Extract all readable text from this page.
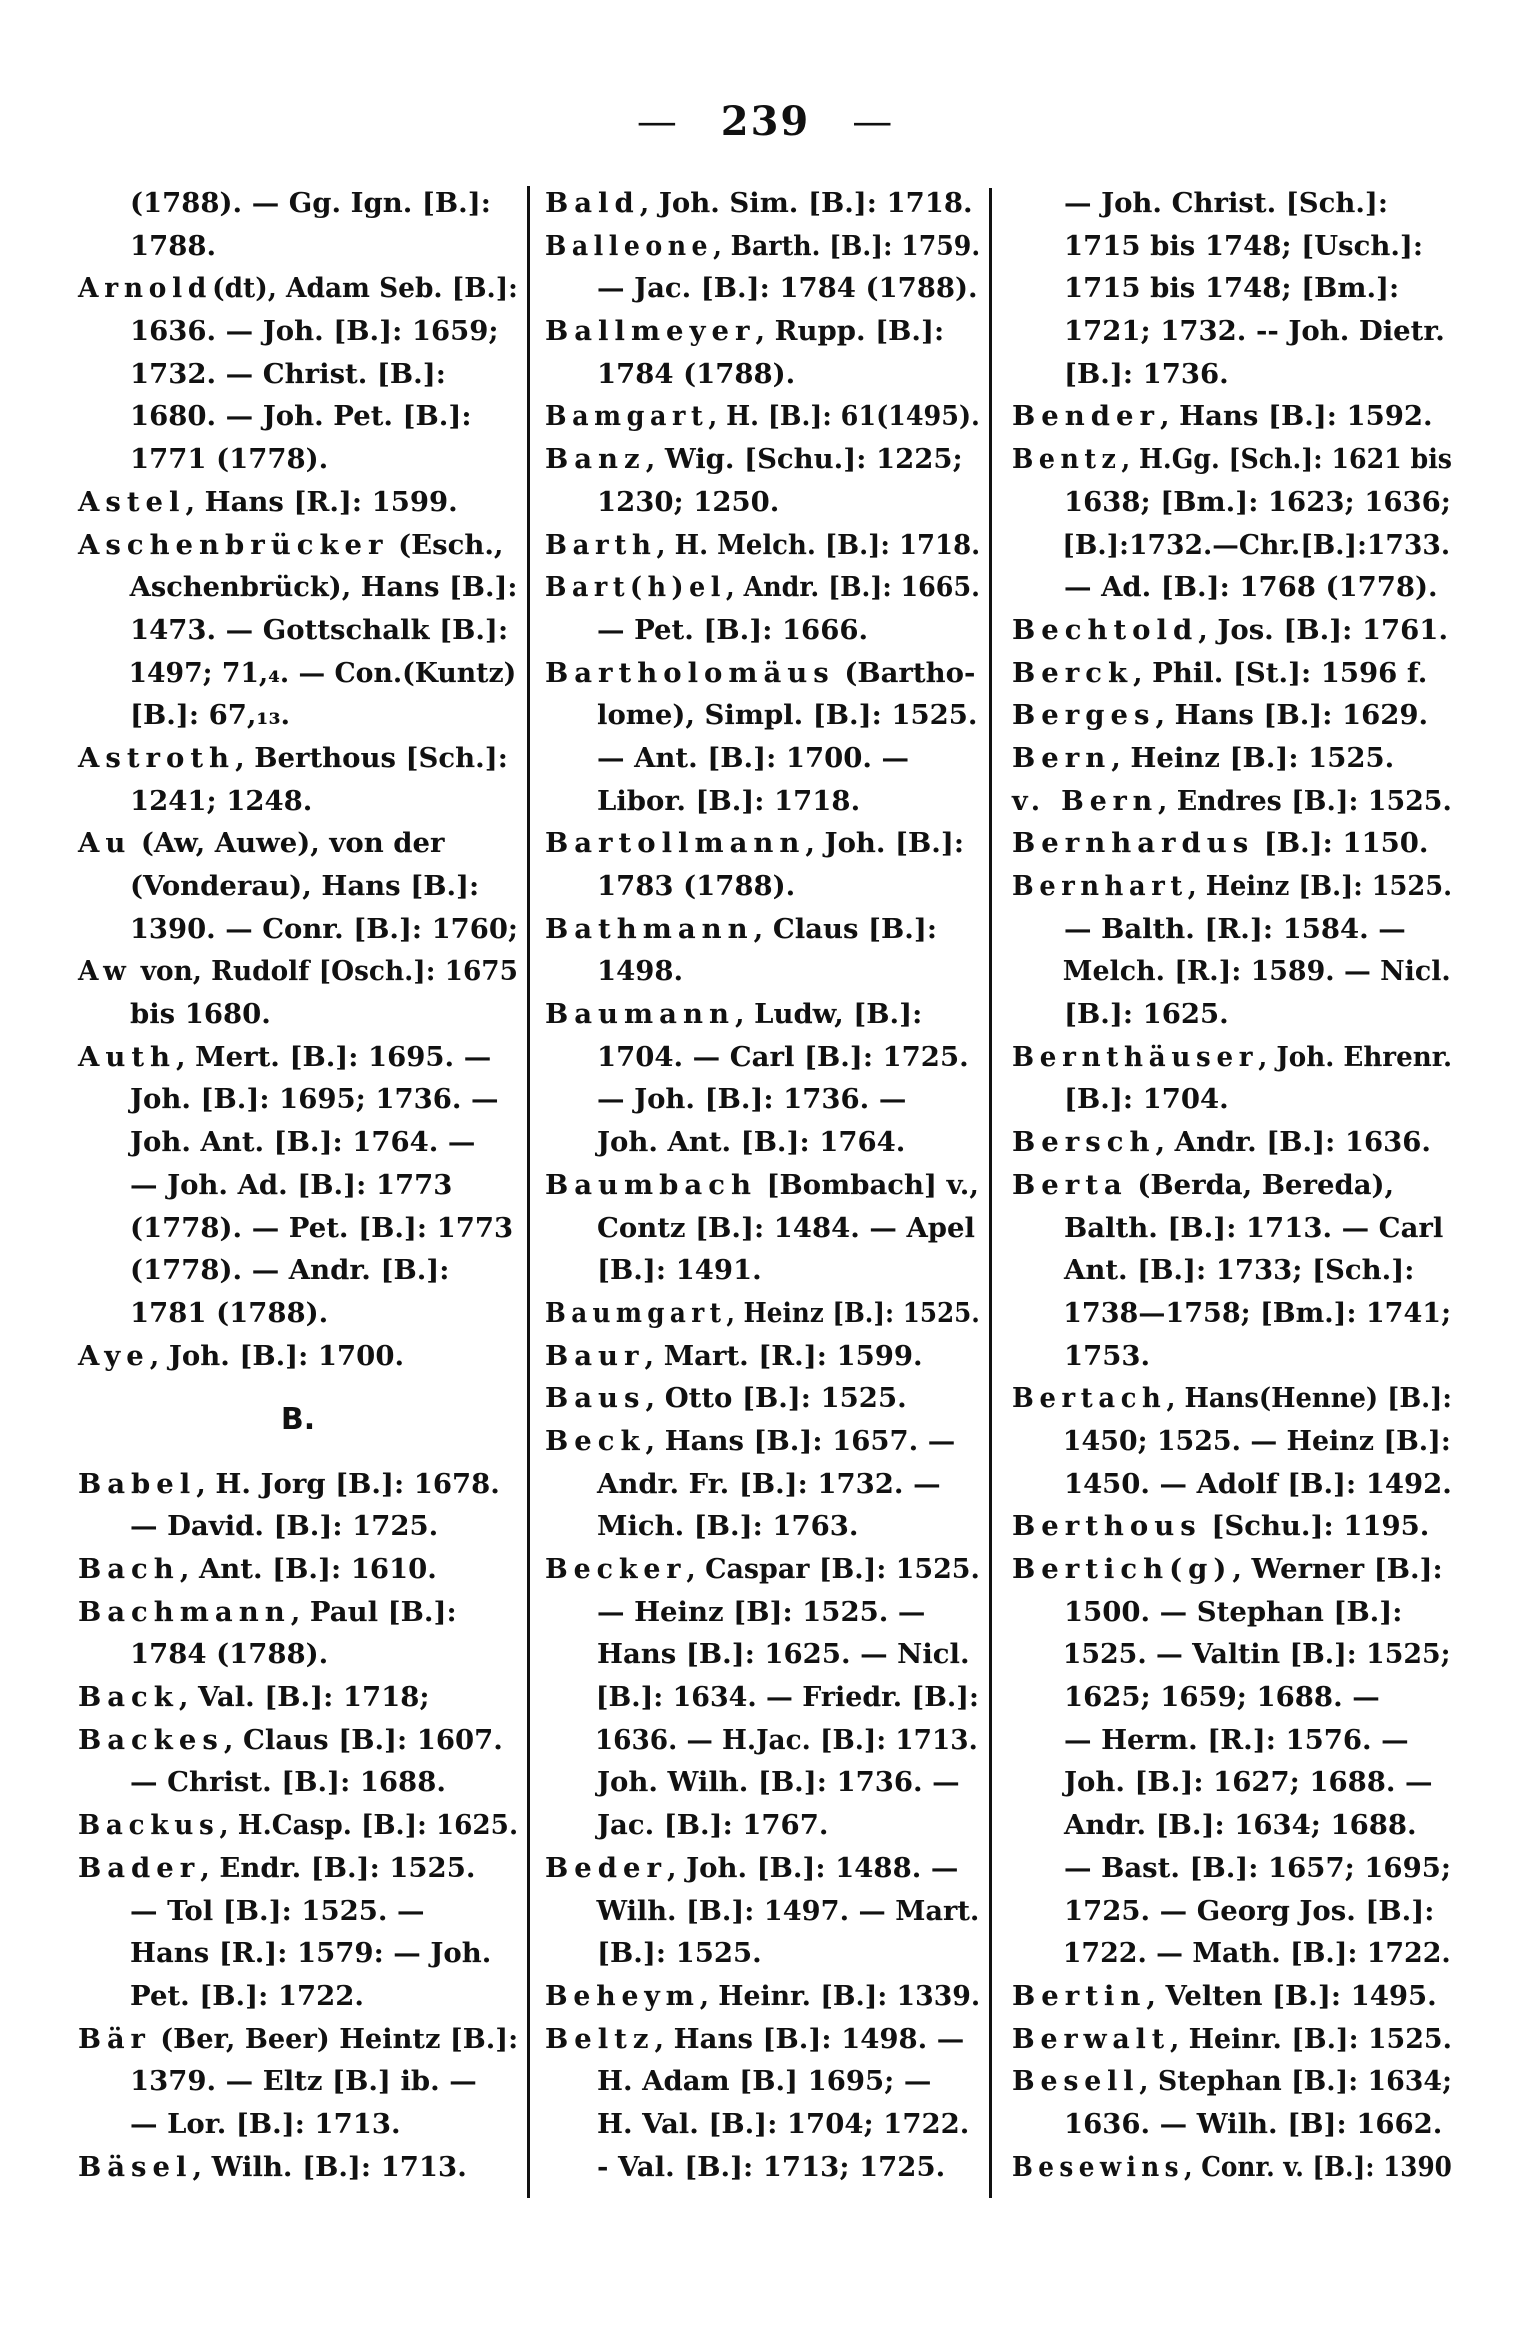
— 239 —
(1788). — Gg. Ign. [B.]:
1788.
Arnold(dt), Adam Seb. [B.]:
1636. — Joh. [B.]: 1659;
1732. — Christ. [B.]:
1680. — Joh. Pet. [B.]:
1771 (1778).
Astel, Hans [R.]: 1599.
Aschenbrücker (Esch.,
Aschenbrück), Hans [B.]:
1473. — Gottschalk [B.]:
1497; 71,₄. — Con.(Kuntz)
[B.]: 67,₁₃.
Astroth, Berthous [Sch.]:
1241; 1248.
Au (Aw, Auwe), von der
(Vonderau), Hans [B.]:
1390. — Conr. [B.]: 1760;
Aw von, Rudolf [Osch.]: 1675
bis 1680.
Auth, Mert. [B.]: 1695. —
Joh. [B.]: 1695; 1736. —
Joh. Ant. [B.]: 1764. —
— Joh. Ad. [B.]: 1773
(1778). — Pet. [B.]: 1773
(1778). — Andr. [B.]:
1781 (1788).
Aye, Joh. [B.]: 1700.
B.
Babel, H. Jorg [B.]: 1678.
— David. [B.]: 1725.
Bach, Ant. [B.]: 1610.
Bachmann, Paul [B.]:
1784 (1788).
Back, Val. [B.]: 1718;
Backes, Claus [B.]: 1607.
— Christ. [B.]: 1688.
Backus, H.Casp. [B.]: 1625.
Bader, Endr. [B.]: 1525.
— Tol [B.]: 1525. —
Hans [R.]: 1579: — Joh.
Pet. [B.]: 1722.
Bär (Ber, Beer) Heintz [B.]:
1379. — Eltz [B.] ib. —
— Lor. [B.]: 1713.
Bäsel, Wilh. [B.]: 1713.
Bald, Joh. Sim. [B.]: 1718.
Balleone, Barth. [B.]: 1759.
— Jac. [B.]: 1784 (1788).
Ballmeyer, Rupp. [B.]:
1784 (1788).
Bamgart, H. [B.]: 61(1495).
Banz, Wig. [Schu.]: 1225;
1230; 1250.
Barth, H. Melch. [B.]: 1718.
Bart(h)el, Andr. [B.]: 1665.
— Pet. [B.]: 1666.
Bartholomäus (Bartho-
lome), Simpl. [B.]: 1525.
— Ant. [B.]: 1700. —
Libor. [B.]: 1718.
Bartollmann, Joh. [B.]:
1783 (1788).
Bathmann, Claus [B.]:
1498.
Baumann, Ludw, [B.]:
1704. — Carl [B.]: 1725.
— Joh. [B.]: 1736. —
Joh. Ant. [B.]: 1764.
Baumbach [Bombach] v.,
Contz [B.]: 1484. — Apel
[B.]: 1491.
Baumgart, Heinz [B.]: 1525.
Baur, Mart. [R.]: 1599.
Baus, Otto [B.]: 1525.
Beck, Hans [B.]: 1657. —
Andr. Fr. [B.]: 1732. —
Mich. [B.]: 1763.
Becker, Caspar [B.]: 1525.
— Heinz [B]: 1525. —
Hans [B.]: 1625. — Nicl.
[B.]: 1634. — Friedr. [B.]:
1636. — H.Jac. [B.]: 1713.
Joh. Wilh. [B.]: 1736. —
Jac. [B.]: 1767.
Beder, Joh. [B.]: 1488. —
Wilh. [B.]: 1497. — Mart.
[B.]: 1525.
Beheym, Heinr. [B.]: 1339.
Beltz, Hans [B.]: 1498. —
H. Adam [B.] 1695; —
H. Val. [B.]: 1704; 1722.
- Val. [B.]: 1713; 1725.
— Joh. Christ. [Sch.]:
1715 bis 1748; [Usch.]:
1715 bis 1748; [Bm.]:
1721; 1732. -- Joh. Dietr.
[B.]: 1736.
Bender, Hans [B.]: 1592.
Bentz, H.Gg. [Sch.]: 1621 bis
1638; [Bm.]: 1623; 1636;
[B.]:1732.—Chr.[B.]:1733.
— Ad. [B.]: 1768 (1778).
Bechtold, Jos. [B.]: 1761.
Berck, Phil. [St.]: 1596 f.
Berges, Hans [B.]: 1629.
Bern, Heinz [B.]: 1525.
v. Bern, Endres [B.]: 1525.
Bernhardus [B.]: 1150.
Bernhart, Heinz [B.]: 1525.
— Balth. [R.]: 1584. —
Melch. [R.]: 1589. — Nicl.
[B.]: 1625.
Bernthäuser, Joh. Ehrenr.
[B.]: 1704.
Bersch, Andr. [B.]: 1636.
Berta (Berda, Bereda),
Balth. [B.]: 1713. — Carl
Ant. [B.]: 1733; [Sch.]:
1738—1758; [Bm.]: 1741;
1753.
Bertach, Hans(Henne) [B.]:
1450; 1525. — Heinz [B.]:
1450. — Adolf [B.]: 1492.
Berthous [Schu.]: 1195.
Bertich(g), Werner [B.]:
1500. — Stephan [B.]:
1525. — Valtin [B.]: 1525;
1625; 1659; 1688. —
— Herm. [R.]: 1576. —
Joh. [B.]: 1627; 1688. —
Andr. [B.]: 1634; 1688.
— Bast. [B.]: 1657; 1695;
1725. — Georg Jos. [B.]:
1722. — Math. [B.]: 1722.
Bertin, Velten [B.]: 1495.
Berwalt, Heinr. [B.]: 1525.
Besell, Stephan [B.]: 1634;
1636. — Wilh. [B]: 1662.
Besewins, Conr. v. [B.]: 1390
